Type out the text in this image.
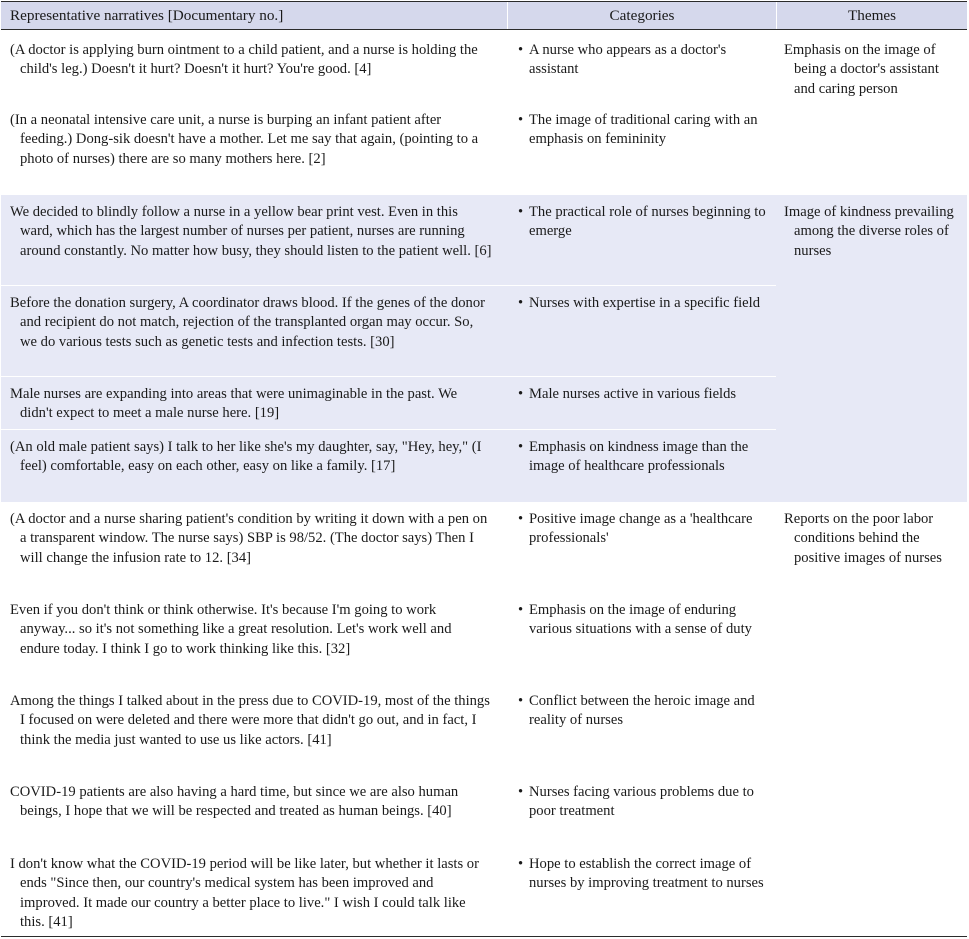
Representative narratives [Documentary no.]	Categories	Themes
(A doctor is applying burn ointment to a child patient, and a nurse is holding the child's leg.) Doesn't it hurt? Doesn't it hurt? You're good. [4]
• A nurse who appears as a doctor's assistant
(In a neonatal intensive care unit, a nurse is burping an infant patient after feeding.) Dong-sik doesn't have a mother. Let me say that again, (pointing to a photo of nurses) there are so many mothers here. [2]
• The image of traditional caring with an emphasis on femininity
Emphasis on the image of being a doctor's assistant and caring person
We decided to blindly follow a nurse in a yellow bear print vest. Even in this ward, which has the largest number of nurses per patient, nurses are running around constantly. No matter how busy, they should listen to the patient well. [6]
• The practical role of nurses beginning to emerge
Before the donation surgery, A coordinator draws blood. If the genes of the donor and recipient do not match, rejection of the transplanted organ may occur. So, we do various tests such as genetic tests and infection tests. [30]
• Nurses with expertise in a specific field
Male nurses are expanding into areas that were unimaginable in the past. We didn't expect to meet a male nurse here. [19]
• Male nurses active in various fields
(An old male patient says) I talk to her like she's my daughter, say, "Hey, hey," (I feel) comfortable, easy on each other, easy on like a family. [17]
• Emphasis on kindness image than the image of healthcare professionals
Image of kindness prevailing among the diverse roles of nurses
(A doctor and a nurse sharing patient's condition by writing it down with a pen on a transparent window. The nurse says) SBP is 98/52. (The doctor says) Then I will change the infusion rate to 12. [34]
• Positive image change as a 'healthcare professionals'
Even if you don't think or think otherwise. It's because I'm going to work anyway... so it's not something like a great resolution. Let's work well and endure today. I think I go to work thinking like this. [32]
• Emphasis on the image of enduring various situations with a sense of duty
Among the things I talked about in the press due to COVID-19, most of the things I focused on were deleted and there were more that didn't go out, and in fact, I think the media just wanted to use us like actors. [41]
• Conflict between the heroic image and reality of nurses
COVID-19 patients are also having a hard time, but since we are also human beings, I hope that we will be respected and treated as human beings. [40]
• Nurses facing various problems due to poor treatment
I don't know what the COVID-19 period will be like later, but whether it lasts or ends "Since then, our country's medical system has been improved and improved. It made our country a better place to live." I wish I could talk like this. [41]
• Hope to establish the correct image of nurses by improving treatment to nurses
Reports on the poor labor conditions behind the positive images of nurses
